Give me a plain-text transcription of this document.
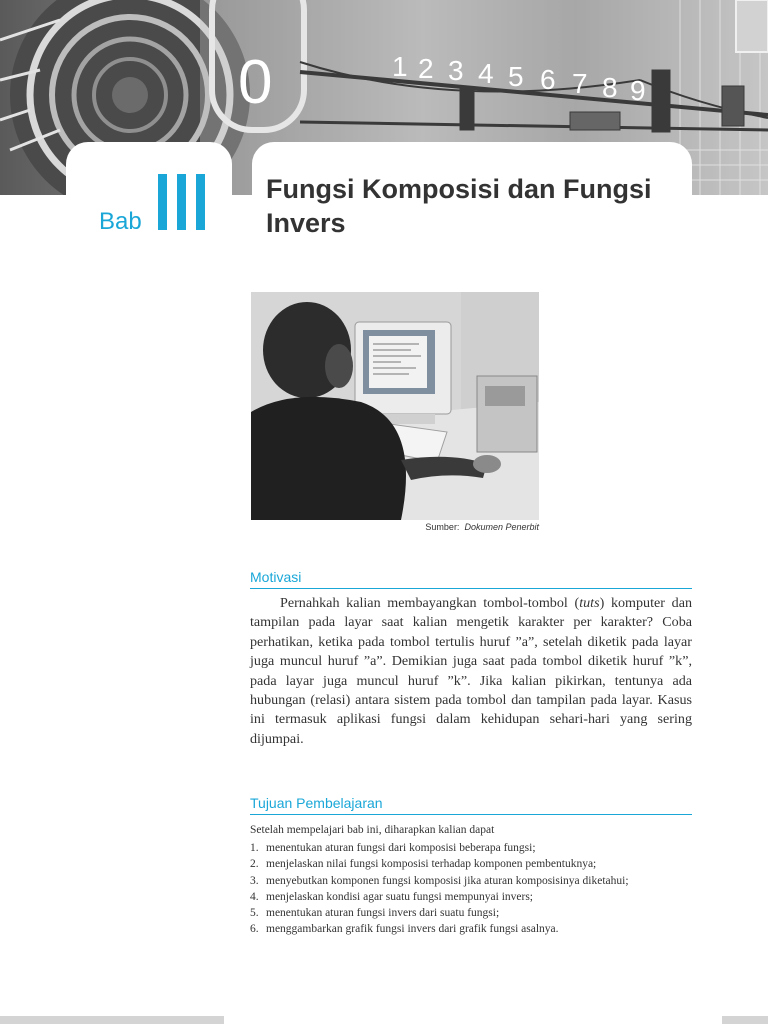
0	1 2 3 4 5 6 7 8 9
Bab
Fungsi Komposisi dan Fungsi Invers
Sumber: Dokumen Penerbit
Motivasi

Pernahkah kalian membayangkan tombol-tombol (tuts) komputer dan tampilan pada layar saat kalian mengetik karakter per karakter? Coba perhatikan, ketika pada tombol tertulis huruf ”a”, setelah diketik pada layar juga muncul huruf ”a”. Demikian juga saat pada tombol diketik huruf ”k”, pada layar juga muncul huruf ”k”. Jika kalian pikirkan, tentunya ada hubungan (relasi) antara sistem pada tombol dan tampilan pada layar. Kasus ini termasuk aplikasi fungsi dalam kehidupan sehari-hari yang sering dijumpai.

Tujuan Pembelajaran

Setelah mempelajari bab ini, diharapkan kalian dapat

1. menentukan aturan fungsi dari komposisi beberapa fungsi;
2. menjelaskan nilai fungsi komposisi terhadap komponen pembentuknya;
3. menyebutkan komponen fungsi komposisi jika aturan komposisinya diketahui;
4. menjelaskan kondisi agar suatu fungsi mempunyai invers;
5. menentukan aturan fungsi invers dari suatu fungsi;
6. menggambarkan grafik fungsi invers dari grafik fungsi asalnya.
